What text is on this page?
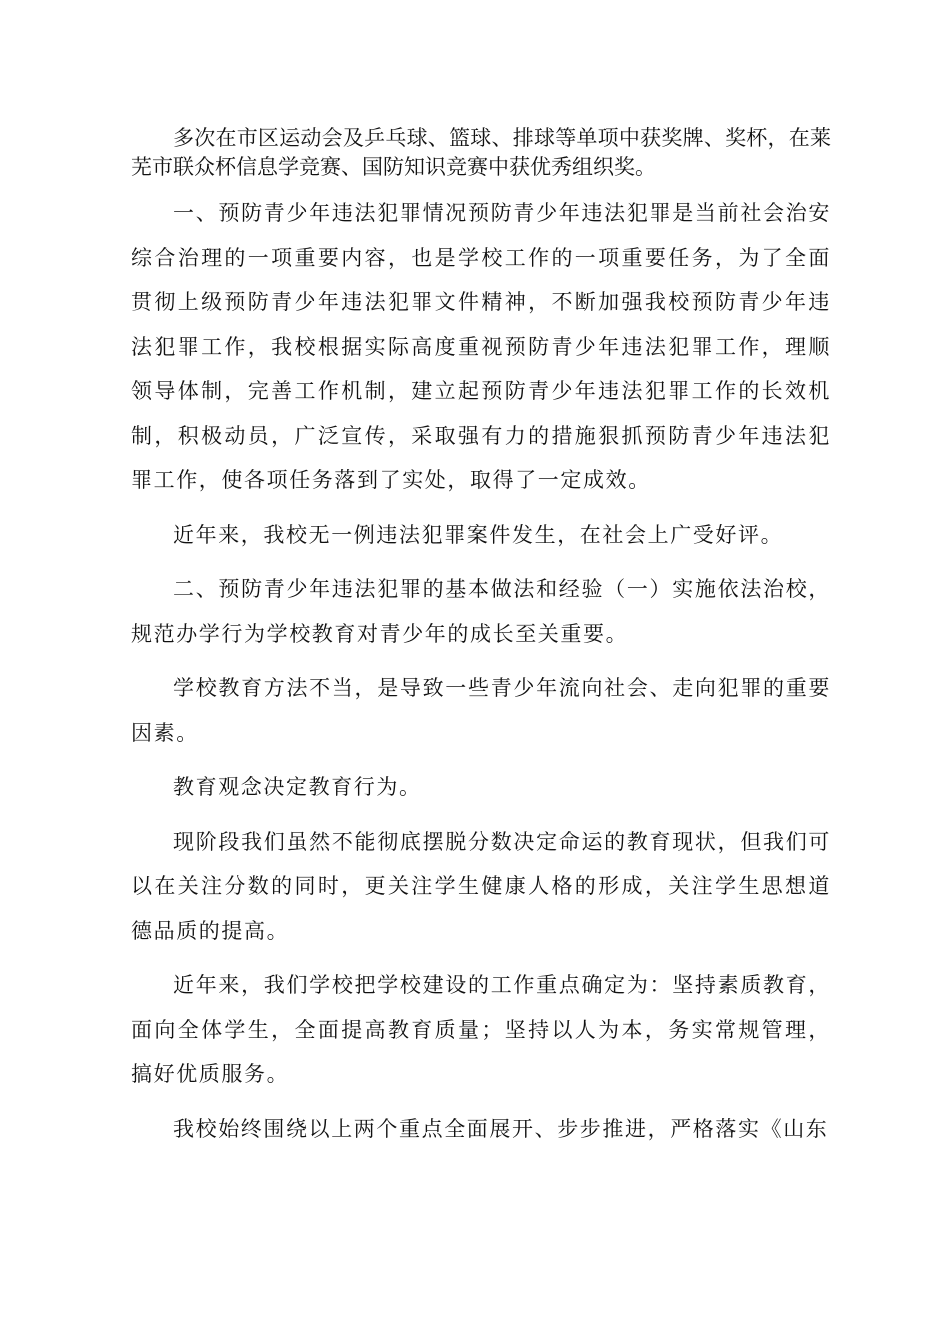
多次在市区运动会及乒乓球、篮球、排球等单项中获奖牌、奖杯，在莱芜市联众杯信息学竞赛、国防知识竞赛中获优秀组织奖。

一、预防青少年违法犯罪情况预防青少年违法犯罪是当前社会治安综合治理的一项重要内容，也是学校工作的一项重要任务，为了全面贯彻上级预防青少年违法犯罪文件精神，不断加强我校预防青少年违法犯罪工作，我校根据实际高度重视预防青少年违法犯罪工作，理顺领导体制，完善工作机制，建立起预防青少年违法犯罪工作的长效机制，积极动员，广泛宣传，采取强有力的措施狠抓预防青少年违法犯罪工作，使各项任务落到了实处，取得了一定成效。

近年来，我校无一例违法犯罪案件发生，在社会上广受好评。

二、预防青少年违法犯罪的基本做法和经验（一）实施依法治校，规范办学行为学校教育对青少年的成长至关重要。

学校教育方法不当，是导致一些青少年流向社会、走向犯罪的重要因素。

教育观念决定教育行为。

现阶段我们虽然不能彻底摆脱分数决定命运的教育现状，但我们可以在关注分数的同时，更关注学生健康人格的形成，关注学生思想道德品质的提高。

近年来，我们学校把学校建设的工作重点确定为：坚持素质教育，面向全体学生，全面提高教育质量；坚持以人为本，务实常规管理，搞好优质服务。

我校始终围绕以上两个重点全面展开、步步推进，严格落实《山东
